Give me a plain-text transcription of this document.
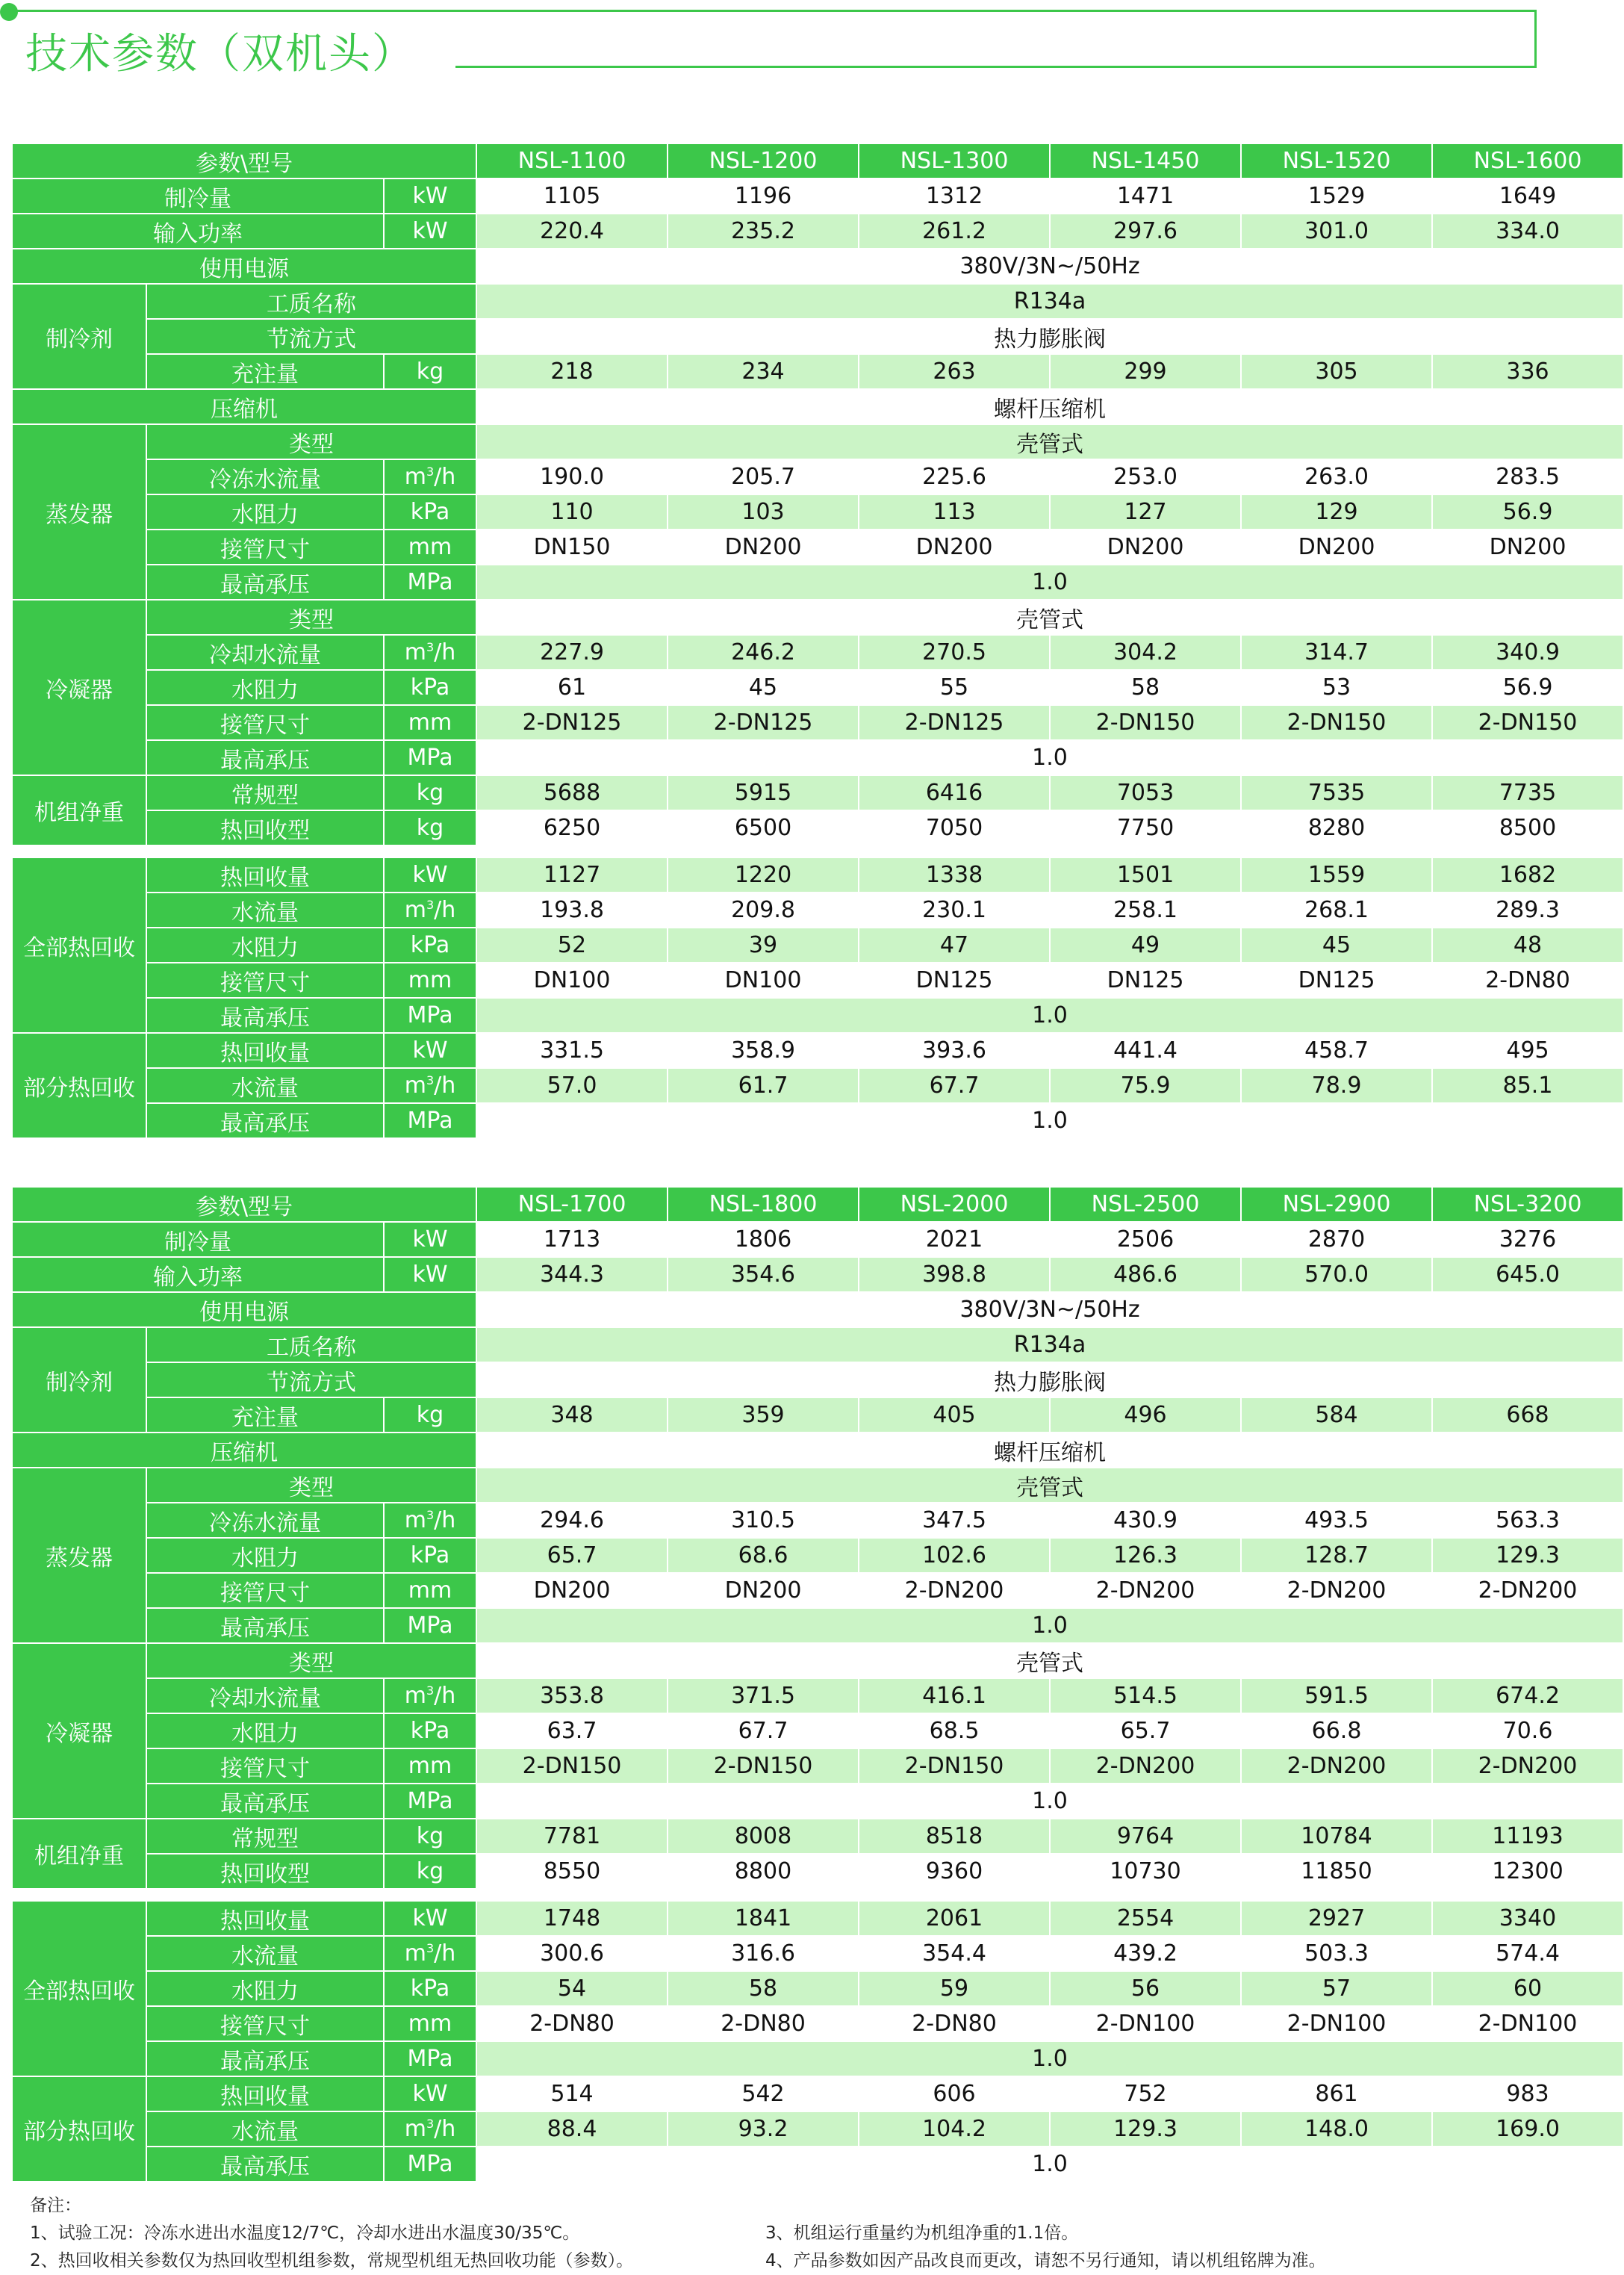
技术参数（双机头）
参数\型号			NSL-1100	NSL-1200	NSL-1300	NSL-1450	NSL-1520	NSL-1600
制冷量		kW	1105	1196	1312	1471	1529	1649
输入功率		kW	220.4	235.2	261.2	297.6	301.0	334.0
使用电源			380V/3N~/50Hz					
制冷剂	工质名称		R134a					
	节流方式		热力膨胀阀					
	充注量	kg	218	234	263	299	305	336
压缩机			螺杆压缩机					
蒸发器	类型		壳管式					
	冷冻水流量	$m^3/h$	190.0	205.7	225.6	253.0	263.0	283.5
	水阻力	kPa	110	103	113	127	129	56.9
	接管尺寸	mm	DN150	DN200	DN200	DN200	DN200	DN200
	最高承压	MPa	1.0					
冷凝器	类型		壳管式					
	冷却水流量	$m^3/h$	227.9	246.2	270.5	304.2	314.7	340.9
	水阻力	kPa	61	45	55	58	53	56.9
	接管尺寸	mm	2-DN125	2-DN125	2-DN125	2-DN150	2-DN150	2-DN150
	最高承压	MPa	1.0					
机组净重	常规型	kg	5688	5915	6416	7053	7535	7735
	热回收型	kg	6250	6500	7050	7750	8280	8500

全部热回收	热回收量	kW	1127	1220	1338	1501	1559	1682
	水流量	$m^3/h$	193.8	209.8	230.1	258.1	268.1	289.3
	水阻力	kPa	52	39	47	49	45	48
	接管尺寸	mm	DN100	DN100	DN125	DN125	DN125	2-DN80
	最高承压	MPa	1.0					
部分热回收	热回收量	kW	331.5	358.9	393.6	441.4	458.7	495
	水流量	$m^3/h$	57.0	61.7	67.7	75.9	78.9	85.1
	最高承压	MPa	1.0					
参数\型号			NSL-1700	NSL-1800	NSL-2000	NSL-2500	NSL-2900	NSL-3200
制冷量		kW	1713	1806	2021	2506	2870	3276
输入功率		kW	344.3	354.6	398.8	486.6	570.0	645.0
使用电源			380V/3N~/50Hz					
制冷剂	工质名称		R134a					
	节流方式		热力膨胀阀					
	充注量	kg	348	359	405	496	584	668
压缩机			螺杆压缩机					
蒸发器	类型		壳管式					
	冷冻水流量	$m^3/h$	294.6	310.5	347.5	430.9	493.5	563.3
	水阻力	kPa	65.7	68.6	102.6	126.3	128.7	129.3
	接管尺寸	mm	DN200	DN200	2-DN200	2-DN200	2-DN200	2-DN200
	最高承压	MPa	1.0					
冷凝器	类型		壳管式					
	冷却水流量	$m^3/h$	353.8	371.5	416.1	514.5	591.5	674.2
	水阻力	kPa	63.7	67.7	68.5	65.7	66.8	70.6
	接管尺寸	mm	2-DN150	2-DN150	2-DN150	2-DN200	2-DN200	2-DN200
	最高承压	MPa	1.0					
机组净重	常规型	kg	7781	8008	8518	9764	10784	11193
	热回收型	kg	8550	8800	9360	10730	11850	12300

全部热回收	热回收量	kW	1748	1841	2061	2554	2927	3340
	水流量	$m^3/h$	300.6	316.6	354.4	439.2	503.3	574.4
	水阻力	kPa	54	58	59	56	57	60
	接管尺寸	mm	2-DN80	2-DN80	2-DN80	2-DN100	2-DN100	2-DN100
	最高承压	MPa	1.0					
部分热回收	热回收量	kW	514	542	606	752	861	983
	水流量	$m^3/h$	88.4	93.2	104.2	129.3	148.0	169.0
	最高承压	MPa	1.0					
备注：
1、试验工况：冷冻水进出水温度12/7℃，冷却水进出水温度30/35℃。	3、机组运行重量约为机组净重的1.1倍。
2、热回收相关参数仅为热回收型机组参数，常规型机组无热回收功能（参数）。	4、产品参数如因产品改良而更改，请恕不另行通知，请以机组铭牌为准。
